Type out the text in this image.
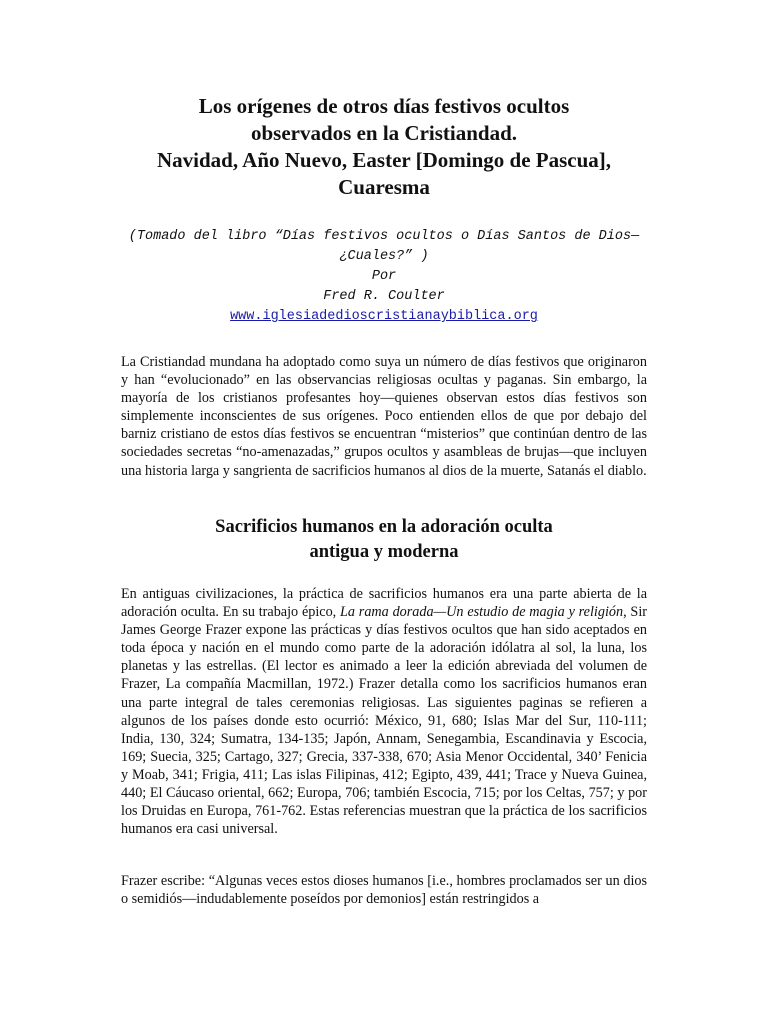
Los orígenes de otros días festivos ocultos
observados en la Cristiandad.
Navidad, Año Nuevo, Easter [Domingo de Pascua],
Cuaresma
(Tomado del libro “Días festivos ocultos o Días Santos de Dios—
¿Cuales?” )
Por
Fred R. Coulter
www.iglesiadedioscristianaybiblica.org

La Cristiandad mundana ha adoptado como suya un número de días festivos que originaron y han “evolucionado” en las observancias religiosas ocultas y paganas. Sin embargo, la mayoría de los cristianos profesantes hoy—quienes observan estos días festivos son simplemente inconscientes de sus orígenes. Poco entienden ellos de que por debajo del barniz cristiano de estos días festivos se encuentran “misterios” que continúan dentro de las sociedades secretas “no-amenazadas,” grupos ocultos y asambleas de brujas—que incluyen una historia larga y sangrienta de sacrificios humanos al dios de la muerte, Satanás el diablo.

Sacrificios humanos en la adoración oculta
antigua y moderna

En antiguas civilizaciones, la práctica de sacrificios humanos era una parte abierta de la adoración oculta. En su trabajo épico, La rama dorada—Un estudio de magia y religión, Sir James George Frazer expone las prácticas y días festivos ocultos que han sido aceptados en toda época y nación en el mundo como parte de la adoración idólatra al sol, la luna, los planetas y las estrellas. (El lector es animado a leer la edición abreviada del volumen de Frazer, La compañía Macmillan, 1972.) Frazer detalla como los sacrificios humanos eran una parte integral de tales ceremonias religiosas. Las siguientes paginas se refieren a algunos de los países donde esto ocurrió: México, 91, 680; Islas Mar del Sur, 110-111; India, 130, 324; Sumatra, 134-135; Japón, Annam, Senegambia, Escandinavia y Escocia, 169; Suecia, 325; Cartago, 327; Grecia, 337-338, 670; Asia Menor Occidental, 340’ Fenicia y Moab, 341; Frigia, 411; Las islas Filipinas, 412; Egipto, 439, 441; Trace y Nueva Guinea, 440; El Cáucaso oriental, 662; Europa, 706; también Escocia, 715; por los Celtas, 757; y por los Druidas en Europa, 761-762. Estas referencias muestran que la práctica de los sacrificios humanos era casi universal.

Frazer escribe: “Algunas veces estos dioses humanos [i.e., hombres proclamados ser un dios o semidiós—indudablemente poseídos por demonios] están restringidos a
